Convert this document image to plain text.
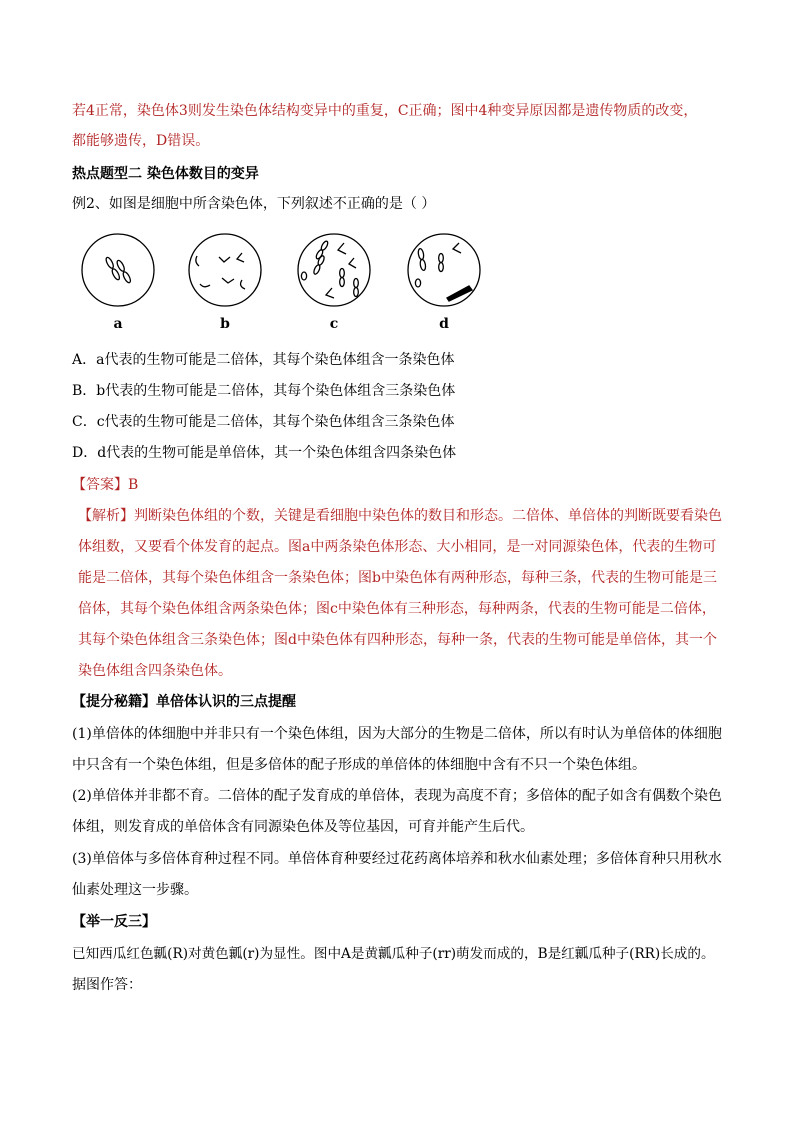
若4正常，染色体3则发生染色体结构变异中的重复，C正确；图中4种变异原因都是遗传物质的改变，
都能够遗传，D错误。
热点题型二 染色体数目的变异
例2、如图是细胞中所含染色体，下列叙述不正确的是（ ）
a	b	c	d
A．a代表的生物可能是二倍体，其每个染色体组含一条染色体
B．b代表的生物可能是二倍体，其每个染色体组含三条染色体
C．c代表的生物可能是二倍体，其每个染色体组含三条染色体
D．d代表的生物可能是单倍体，其一个染色体组含四条染色体
【答案】B
【解析】判断染色体组的个数，关键是看细胞中染色体的数目和形态。二倍体、单倍体的判断既要看染色
体组数，又要看个体发育的起点。图a中两条染色体形态、大小相同，是一对同源染色体，代表的生物可
能是二倍体，其每个染色体组含一条染色体；图b中染色体有两种形态，每种三条，代表的生物可能是三
倍体，其每个染色体组含两条染色体；图c中染色体有三种形态，每种两条，代表的生物可能是二倍体，
其每个染色体组含三条染色体；图d中染色体有四种形态，每种一条，代表的生物可能是单倍体，其一个
染色体组含四条染色体。
【提分秘籍】单倍体认识的三点提醒
(1)单倍体的体细胞中并非只有一个染色体组，因为大部分的生物是二倍体，所以有时认为单倍体的体细胞
中只含有一个染色体组，但是多倍体的配子形成的单倍体的体细胞中含有不只一个染色体组。
(2)单倍体并非都不育。二倍体的配子发育成的单倍体，表现为高度不育；多倍体的配子如含有偶数个染色
体组，则发育成的单倍体含有同源染色体及等位基因，可育并能产生后代。
(3)单倍体与多倍体育种过程不同。单倍体育种要经过花药离体培养和秋水仙素处理；多倍体育种只用秋水
仙素处理这一步骤。
【举一反三】
已知西瓜红色瓤(R)对黄色瓤(r)为显性。图中A是黄瓤瓜种子(rr)萌发而成的，B是红瓤瓜种子(RR)长成的。
据图作答：
